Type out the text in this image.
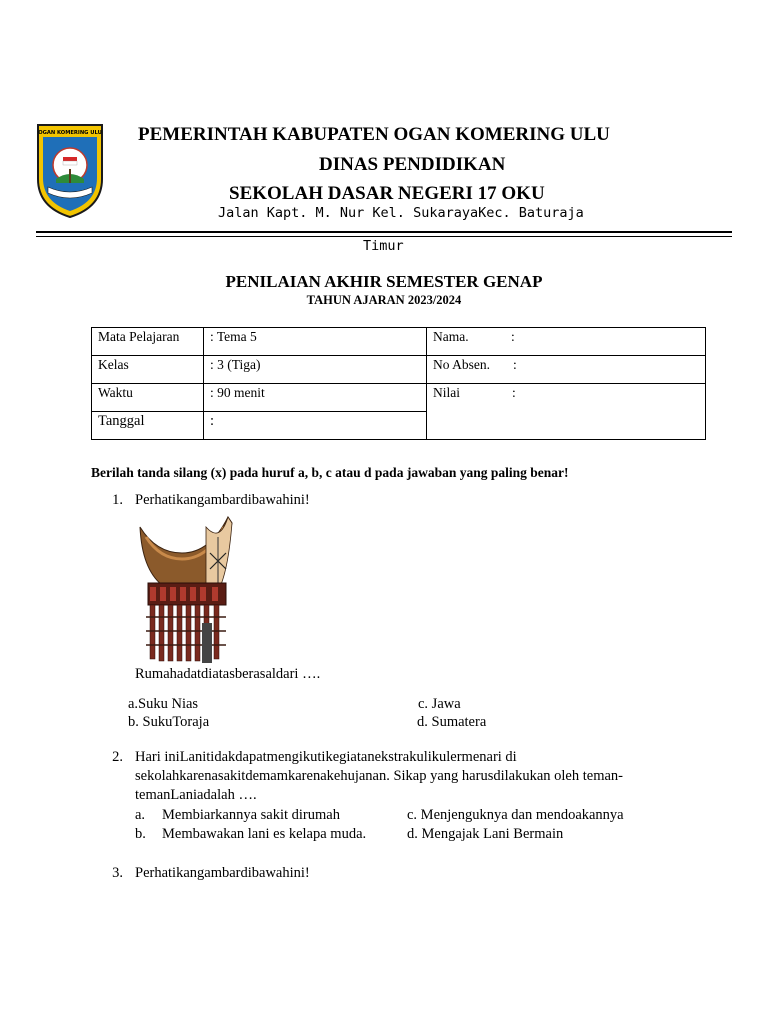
OGAN KOMERING ULU PEMERINTAH KABUPATEN OGAN KOMERING ULU
DINAS PENDIDIKAN
SEKOLAH DASAR NEGERI 17 OKU
Jalan Kapt. M. Nur Kel. SukarayaKec. Baturaja
Timur
PENILAIAN AKHIR SEMESTER GENAP
TAHUN AJARAN 2023/2024
Mata Pelajaran	: Tema 5	Nama. :
Kelas	: 3 (Tiga)	No Absen. :
Waktu	: 90 menit	Nilai :
Tanggal	:	
Berilah tanda silang (x) pada huruf a, b, c atau d pada jawaban yang paling benar!
1. Perhatikangambardibawahini!
Rumahadatdiatasberasaldari ….
a.Suku Nias
b. SukuToraja
c. Jawa
d. Sumatera
2. Hari iniLanitidakdapatmengikutikegiatanekstrakulikulermenari di
sekolahkarenasakitdemamkarenakehujanan. Sikap yang harusdilakukan oleh teman-
temanLaniadalah ….
a. Membiarkannya sakit dirumah
b. Membawakan lani es kelapa muda.
c. Menjenguknya dan mendoakannya
d. Mengajak Lani Bermain
3. Perhatikangambardibawahini!
